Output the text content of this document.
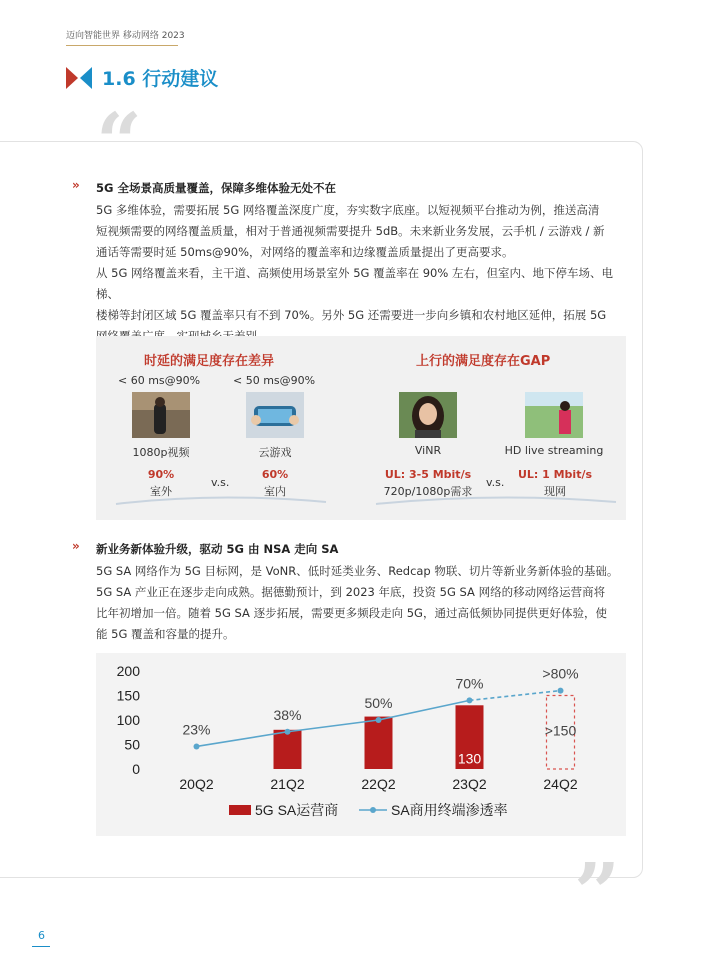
迈向智能世界 移动网络 2023
1.6 行动建议
“
”
» 5G 全场景高质量覆盖，保障多维体验无处不在
5G 多维体验，需要拓展 5G 网络覆盖深度广度，夯实数字底座。以短视频平台推动为例，推送高清
短视频需要的网络覆盖质量，相对于普通视频需要提升 5dB。未来新业务发展，云手机 / 云游戏 / 新
通话等需要时延 50ms@90%，对网络的覆盖率和边缘覆盖质量提出了更高要求。
从 5G 网络覆盖来看，主干道、高频使用场景室外 5G 覆盖率在 90% 左右，但室内、地下停车场、电梯、
楼梯等封闭区域 5G 覆盖率只有不到 70%。另外 5G 还需要进一步向乡镇和农村地区延伸，拓展 5G
时延的满足度存在差异	上行的满足度存在GAP
< 60 ms@90%	< 50 ms@90%
1080p视频	云游戏	ViNR	HD live streaming
90%
室外
v.s.
60%
室内
UL: 3-5 Mbit/s
720p/1080p需求
v.s.
UL: 1 Mbit/s
现网
» 新业务新体验升级，驱动 5G 由 NSA 走向 SA
5G SA 网络作为 5G 目标网，是 VoNR、低时延类业务、Redcap 物联、切片等新业务新体验的基础。
5G SA 产业正在逐步走向成熟。据德勤预计，到 2023 年底，投资 5G SA 网络的移动网络运营商将
比年初增加一倍。随着 5G SA 逐步拓展，需要更多频段走向 5G，通过高低频协同提供更好体验，使
能 5G 覆盖和容量的提升。
0
50
100
150
200
20Q2	21Q2	22Q2	23Q2	24Q2
130
>150
23%
38%
50%
70%
>80%
5G SA运营商	SA商用终端渗透率
6
